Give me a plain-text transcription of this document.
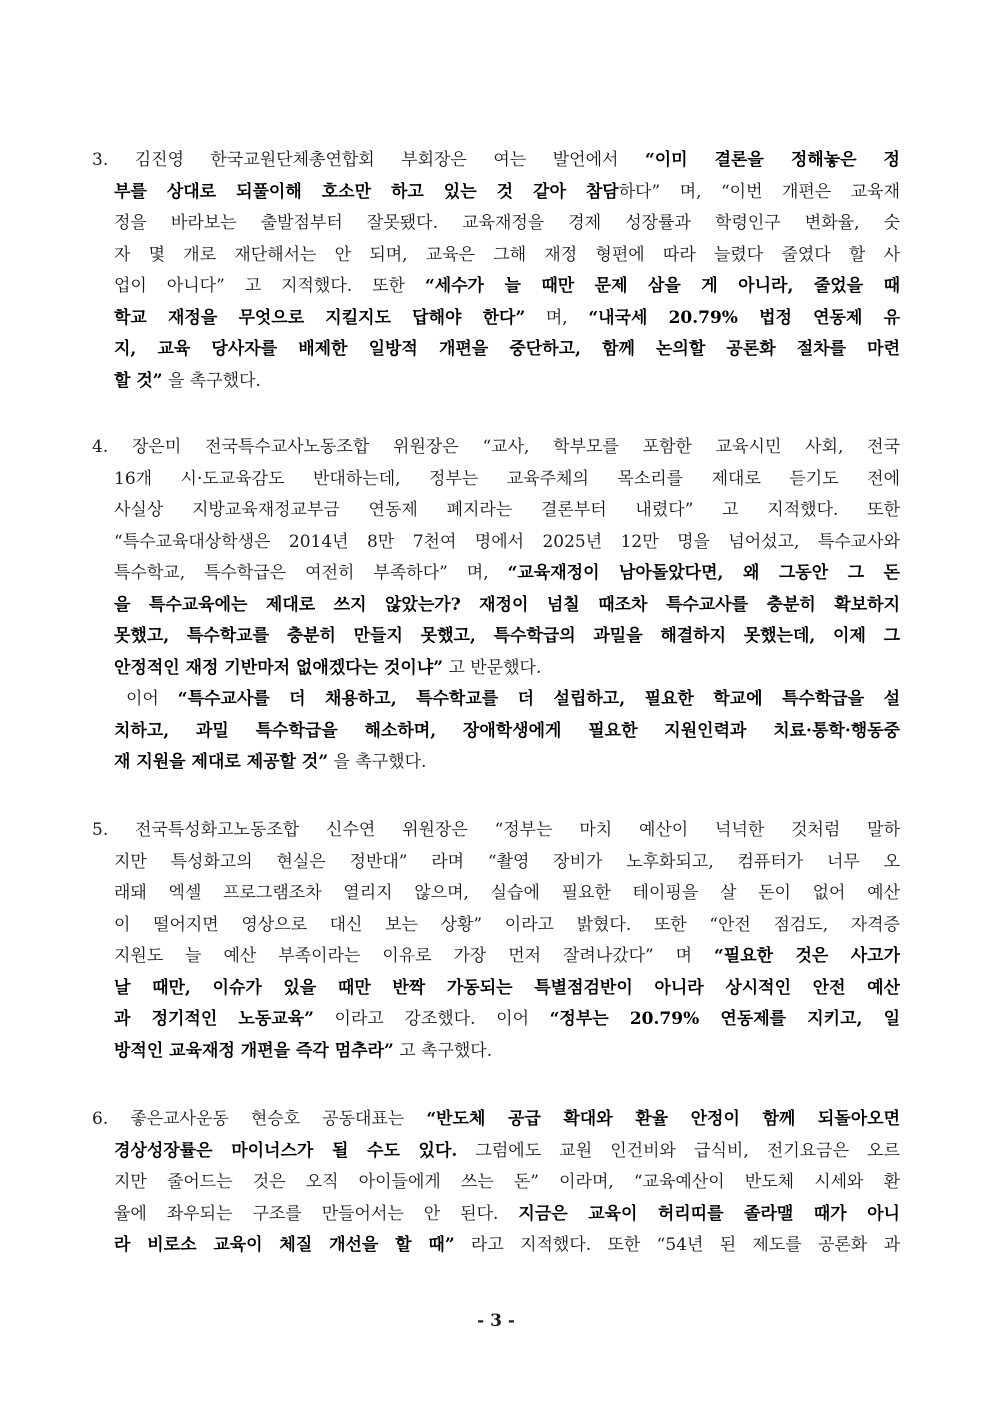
3. 김진영 한국교원단체총연합회 부회장은 여는 발언에서 “이미 결론을 정해놓은 정
부를 상대로 되풀이해 호소만 하고 있는 것 같아 참담하다” 며, “이번 개편은 교육재
정을 바라보는 출발점부터 잘못됐다. 교육재정을 경제 성장률과 학령인구 변화율, 숫
자 몇 개로 재단해서는 안 되며, 교육은 그해 재정 형편에 따라 늘렸다 줄였다 할 사
업이 아니다” 고 지적했다. 또한 “세수가 늘 때만 문제 삼을 게 아니라, 줄었을 때
학교 재정을 무엇으로 지킬지도 답해야 한다” 며, “내국세 20.79% 법정 연동제 유
지, 교육 당사자를 배제한 일방적 개편을 중단하고, 함께 논의할 공론화 절차를 마련
할 것” 을 촉구했다.
4. 장은미 전국특수교사노동조합 위원장은 “교사, 학부모를 포함한 교육시민 사회, 전국
16개 시·도교육감도 반대하는데, 정부는 교육주체의 목소리를 제대로 듣기도 전에
사실상 지방교육재정교부금 연동제 폐지라는 결론부터 내렸다” 고 지적했다. 또한
“특수교육대상학생은 2014년 8만 7천여 명에서 2025년 12만 명을 넘어섰고, 특수교사와
특수학교, 특수학급은 여전히 부족하다” 며, “교육재정이 남아돌았다면, 왜 그동안 그 돈
을 특수교육에는 제대로 쓰지 않았는가? 재정이 넘칠 때조차 특수교사를 충분히 확보하지
못했고, 특수학교를 충분히 만들지 못했고, 특수학급의 과밀을 해결하지 못했는데, 이제 그
안정적인 재정 기반마저 없애겠다는 것이냐” 고 반문했다.
이어 “특수교사를 더 채용하고, 특수학교를 더 설립하고, 필요한 학교에 특수학급을 설
치하고, 과밀 특수학급을 해소하며, 장애학생에게 필요한 지원인력과 치료·통학·행동중
재 지원을 제대로 제공할 것” 을 촉구했다.
5. 전국특성화고노동조합 신수연 위원장은 “정부는 마치 예산이 넉넉한 것처럼 말하
지만 특성화고의 현실은 정반대” 라며 “촬영 장비가 노후화되고, 컴퓨터가 너무 오
래돼 엑셀 프로그램조차 열리지 않으며, 실습에 필요한 테이핑을 살 돈이 없어 예산
이 떨어지면 영상으로 대신 보는 상황” 이라고 밝혔다. 또한 “안전 점검도, 자격증
지원도 늘 예산 부족이라는 이유로 가장 먼저 잘려나갔다” 며 “필요한 것은 사고가
날 때만, 이슈가 있을 때만 반짝 가동되는 특별점검반이 아니라 상시적인 안전 예산
과 정기적인 노동교육” 이라고 강조했다. 이어 “정부는 20.79% 연동제를 지키고, 일
방적인 교육재정 개편을 즉각 멈추라” 고 촉구했다.
6. 좋은교사운동 현승호 공동대표는 “반도체 공급 확대와 환율 안정이 함께 되돌아오면
경상성장률은 마이너스가 될 수도 있다. 그럼에도 교원 인건비와 급식비, 전기요금은 오르
지만 줄어드는 것은 오직 아이들에게 쓰는 돈” 이라며, “교육예산이 반도체 시세와 환
율에 좌우되는 구조를 만들어서는 안 된다. 지금은 교육이 허리띠를 졸라맬 때가 아니
라 비로소 교육이 체질 개선을 할 때” 라고 지적했다. 또한 “54년 된 제도를 공론화 과
- 3 -
